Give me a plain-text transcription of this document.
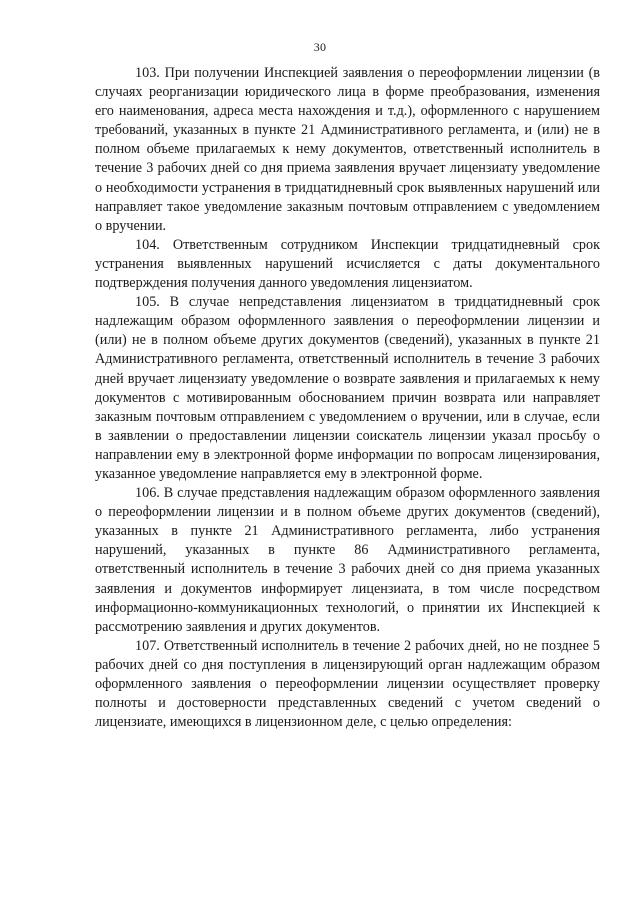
30

103. При получении Инспекцией заявления о переоформлении лицензии (в случаях реорганизации юридического лица в форме преобразования, изменения его наименования, адреса места нахождения и т.д.), оформленного с нарушением требований, указанных в пункте 21 Административного регламента, и (или) не в полном объеме прилагаемых к нему документов, ответственный исполнитель в течение 3 рабочих дней со дня приема заявления вручает лицензиату уведомление о необходимости устранения в тридцатидневный срок выявленных нарушений или направляет такое уведомление заказным почтовым отправлением с уведомлением о вручении.

104. Ответственным сотрудником Инспекции тридцатидневный срок устранения выявленных нарушений исчисляется с даты документального подтверждения получения данного уведомления лицензиатом.

105. В случае непредставления лицензиатом в тридцатидневный срок надлежащим образом оформленного заявления о переоформлении лицензии и (или) не в полном объеме других документов (сведений), указанных в пункте 21 Административного регламента, ответственный исполнитель в течение 3 рабочих дней вручает лицензиату уведомление о возврате заявления и прилагаемых к нему документов с мотивированным обоснованием причин возврата или направляет заказным почтовым отправлением с уведомлением о вручении, или в случае, если в заявлении о предоставлении лицензии соискатель лицензии указал просьбу о направлении ему в электронной форме информации по вопросам лицензирования, указанное уведомление направляется ему в электронной форме.

106. В случае представления надлежащим образом оформленного заявления о переоформлении лицензии и в полном объеме других документов (сведений), указанных в пункте 21 Административного регламента, либо устранения нарушений, указанных в пункте 86 Административного регламента, ответственный исполнитель в течение 3 рабочих дней со дня приема указанных заявления и документов информирует лицензиата, в том числе посредством информационно-коммуникационных технологий, о принятии их Инспекцией к рассмотрению заявления и других документов.

107. Ответственный исполнитель в течение 2 рабочих дней, но не позднее 5 рабочих дней со дня поступления в лицензирующий орган надлежащим образом оформленного заявления о переоформлении лицензии осуществляет проверку полноты и достоверности представленных сведений с учетом сведений о лицензиате, имеющихся в лицензионном деле, с целью определения:
